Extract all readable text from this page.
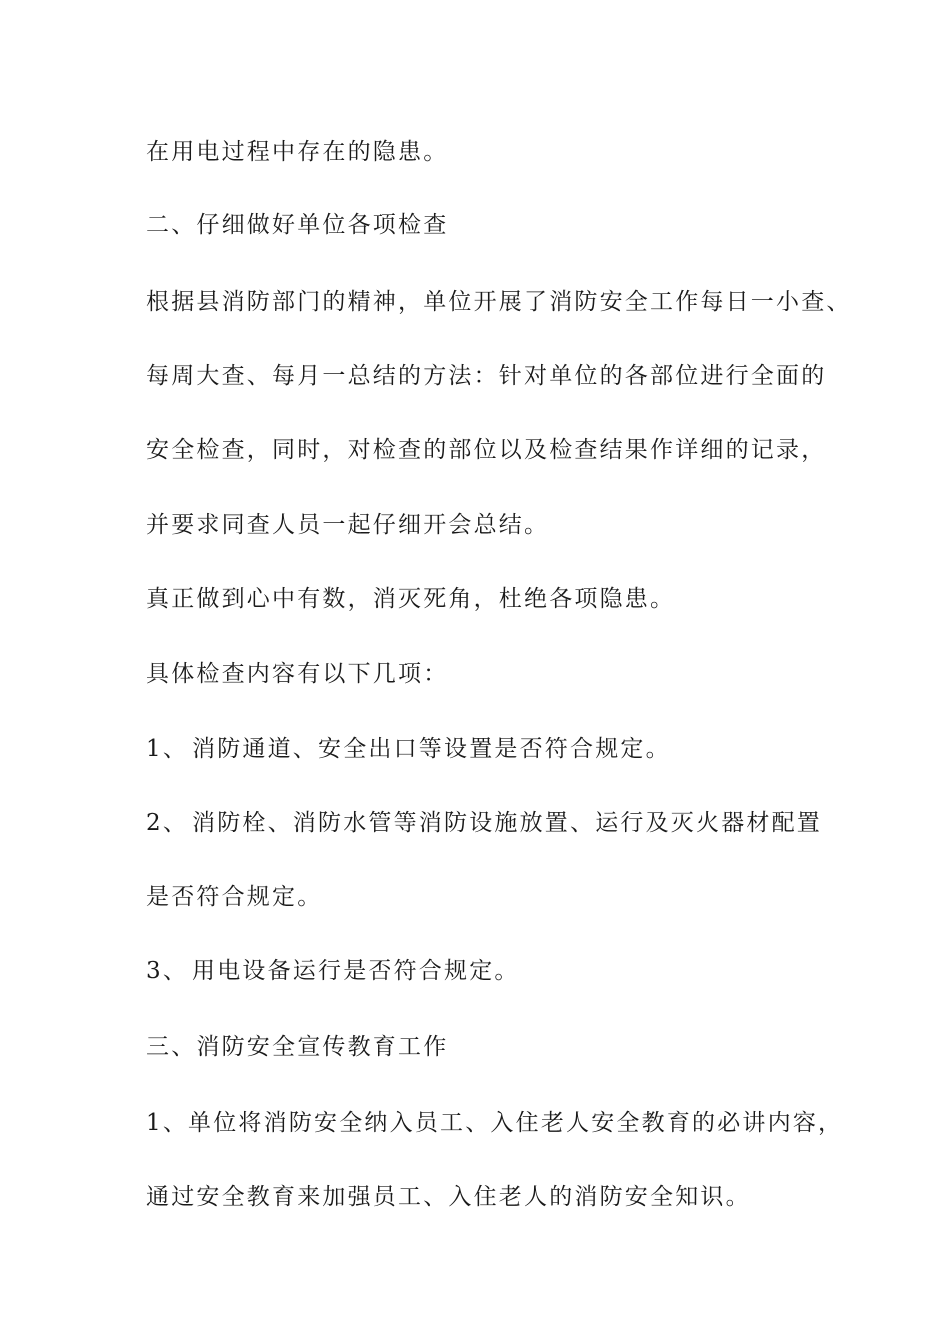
在用电过程中存在的隐患。

二、仔细做好单位各项检查

根据县消防部门的精神，单位开展了消防安全工作每日一小查、

每周大查、每月一总结的方法：针对单位的各部位进行全面的

安全检查，同时，对检查的部位以及检查结果作详细的记录，

并要求同查人员一起仔细开会总结。

真正做到心中有数，消灭死角，杜绝各项隐患。

具体检查内容有以下几项：

1、 消防通道、安全出口等设置是否符合规定。

2、 消防栓、消防水管等消防设施放置、运行及灭火器材配置

是否符合规定。

3、 用电设备运行是否符合规定。

三、消防安全宣传教育工作

1、单位将消防安全纳入员工、入住老人安全教育的必讲内容，

通过安全教育来加强员工、入住老人的消防安全知识。
